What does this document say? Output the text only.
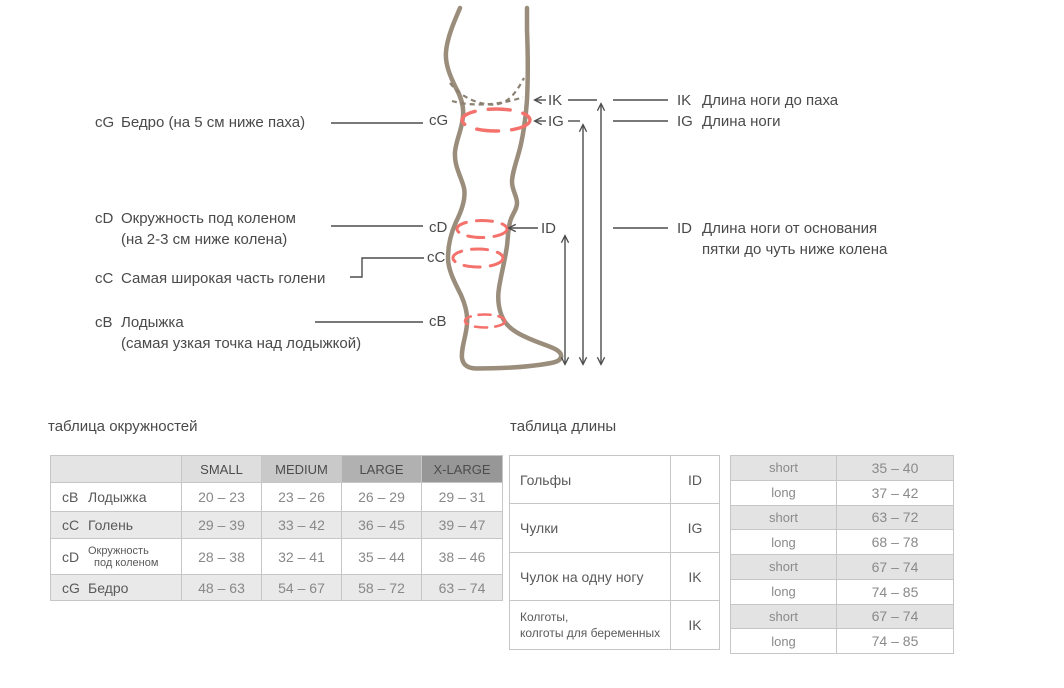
cG Бедро (на 5 см ниже паха)
cD Окружность под коленом
(на 2-3 см ниже колена)
cC Самая широкая часть голени
cB Лодыжка
(самая узкая точка над лодыжкой)
cG
cD
cC
cB
IK
IG
ID
IK Длина ноги до паха
IG Длина ноги
ID Длина ноги от основания
пятки до чуть ниже колена
таблица окружностей
	SMALL	MEDIUM	LARGE	X-LARGE

cB Лодыжка	20 – 23	23 – 26	26 – 29	29 – 31

cC Голень	29 – 39	33 – 42	36 – 45	39 – 47

cD Окружность
под коленом	28 – 38	32 – 41	35 – 44	38 – 46

cG Бедро	48 – 63	54 – 67	58 – 72	63 – 74
таблица длины
Гольфы	ID
Чулки	IG
Чулок на одну ногу	IK

Колготы,
колготы для беременных	IK
short	35 – 40
long	37 – 42
short	63 – 72
long	68 – 78
short	67 – 74
long	74 – 85
short	67 – 74
long	74 – 85
